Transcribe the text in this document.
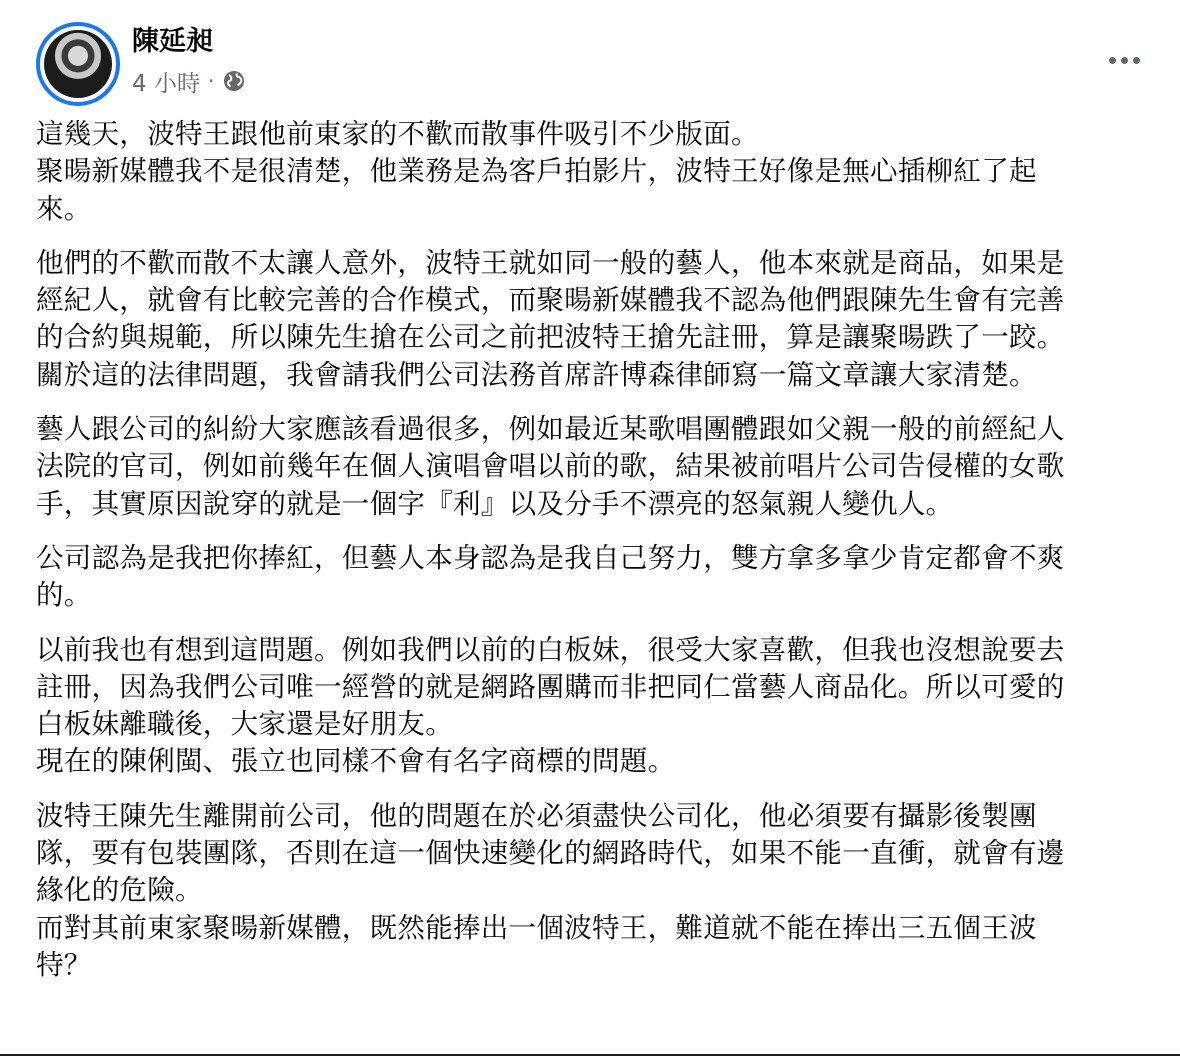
陳延昶
4 小時 ·

這幾天，波特王跟他前東家的不歡而散事件吸引不少版面。
聚暘新媒體我不是很清楚，他業務是為客戶拍影片，波特王好像是無心插柳紅了起
來。

他們的不歡而散不太讓人意外，波特王就如同一般的藝人，他本來就是商品，如果是
經紀人，就會有比較完善的合作模式，而聚暘新媒體我不認為他們跟陳先生會有完善
的合約與規範，所以陳先生搶在公司之前把波特王搶先註冊，算是讓聚暘跌了一跤。
關於這的法律問題，我會請我們公司法務首席許博森律師寫一篇文章讓大家清楚。

藝人跟公司的糾紛大家應該看過很多，例如最近某歌唱團體跟如父親一般的前經紀人
法院的官司，例如前幾年在個人演唱會唱以前的歌，結果被前唱片公司告侵權的女歌
手，其實原因說穿的就是一個字『利』以及分手不漂亮的怒氣親人變仇人。

公司認為是我把你捧紅，但藝人本身認為是我自己努力，雙方拿多拿少肯定都會不爽
的。

以前我也有想到這問題。例如我們以前的白板妹，很受大家喜歡，但我也沒想說要去
註冊，因為我們公司唯一經營的就是網路團購而非把同仁當藝人商品化。所以可愛的
白板妹離職後，大家還是好朋友。
現在的陳俐閩、張立也同樣不會有名字商標的問題。

波特王陳先生離開前公司，他的問題在於必須盡快公司化，他必須要有攝影後製團
隊，要有包裝團隊，否則在這一個快速變化的網路時代，如果不能一直衝，就會有邊
緣化的危險。
而對其前東家聚暘新媒體，既然能捧出一個波特王，難道就不能在捧出三五個王波
特？
